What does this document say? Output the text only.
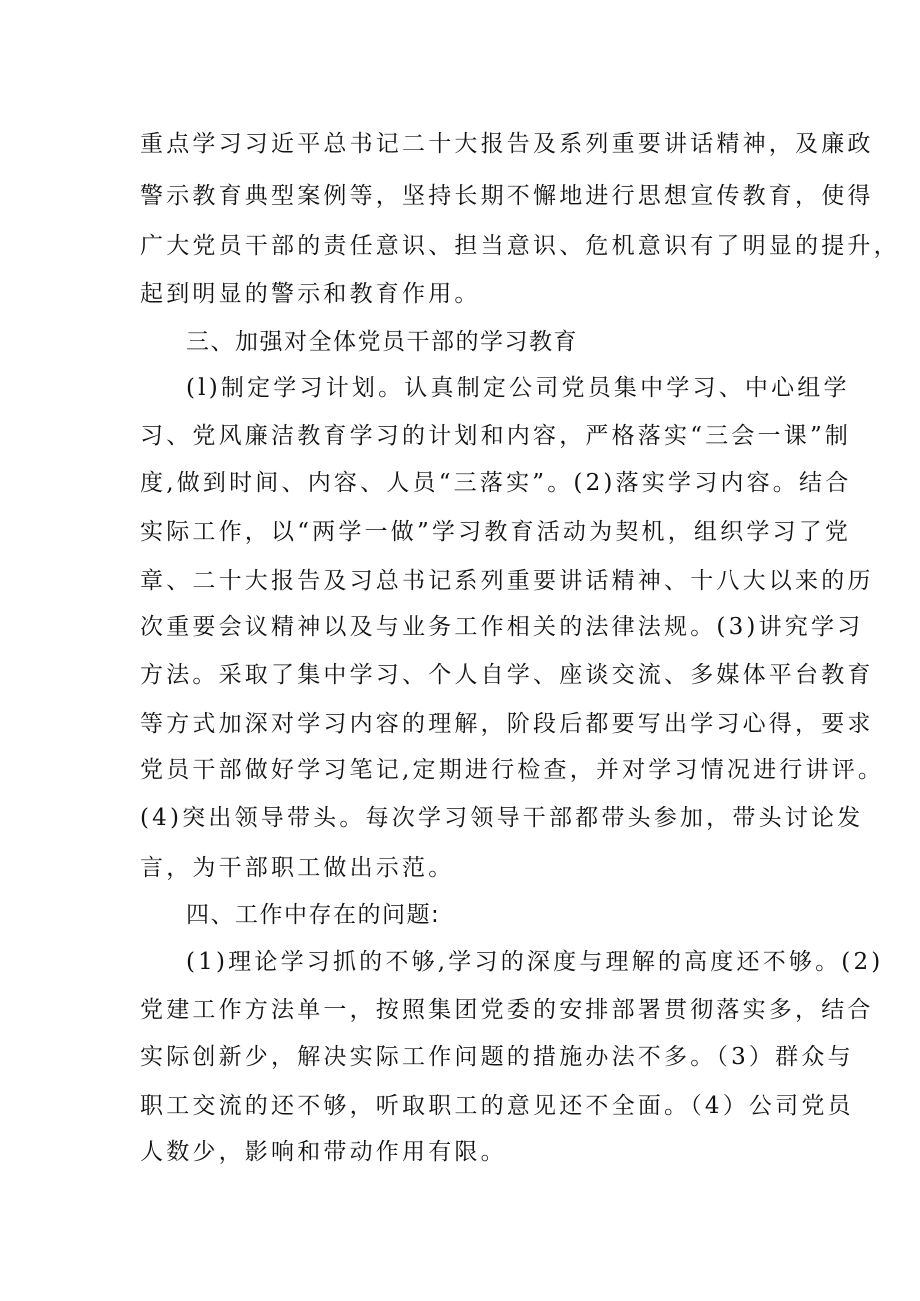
重点学习习近平总书记二十大报告及系列重要讲话精神，及廉政
警示教育典型案例等，坚持长期不懈地进行思想宣传教育，使得
广大党员干部的责任意识、担当意识、危机意识有了明显的提升，
起到明显的警示和教育作用。
三、加强对全体党员干部的学习教育
(l)制定学习计划。认真制定公司党员集中学习、中心组学
习、党风廉洁教育学习的计划和内容，严格落实“三会一课”制
度,做到时间、内容、人员“三落实”。(2)落实学习内容。结合
实际工作，以“两学一做”学习教育活动为契机，组织学习了党
章、二十大报告及习总书记系列重要讲话精神、十八大以来的历
次重要会议精神以及与业务工作相关的法律法规。(3)讲究学习
方法。采取了集中学习、个人自学、座谈交流、多媒体平台教育
等方式加深对学习内容的理解，阶段后都要写出学习心得，要求
党员干部做好学习笔记,定期进行检查，并对学习情况进行讲评。
(4)突出领导带头。每次学习领导干部都带头参加，带头讨论发
言，为干部职工做出示范。
四、工作中存在的问题:
(1)理论学习抓的不够,学习的深度与理解的高度还不够。(2)
党建工作方法单一，按照集团党委的安排部署贯彻落实多，结合
实际创新少，解决实际工作问题的措施办法不多。（3）群众与
职工交流的还不够，听取职工的意见还不全面。（4）公司党员
人数少，影响和带动作用有限。
